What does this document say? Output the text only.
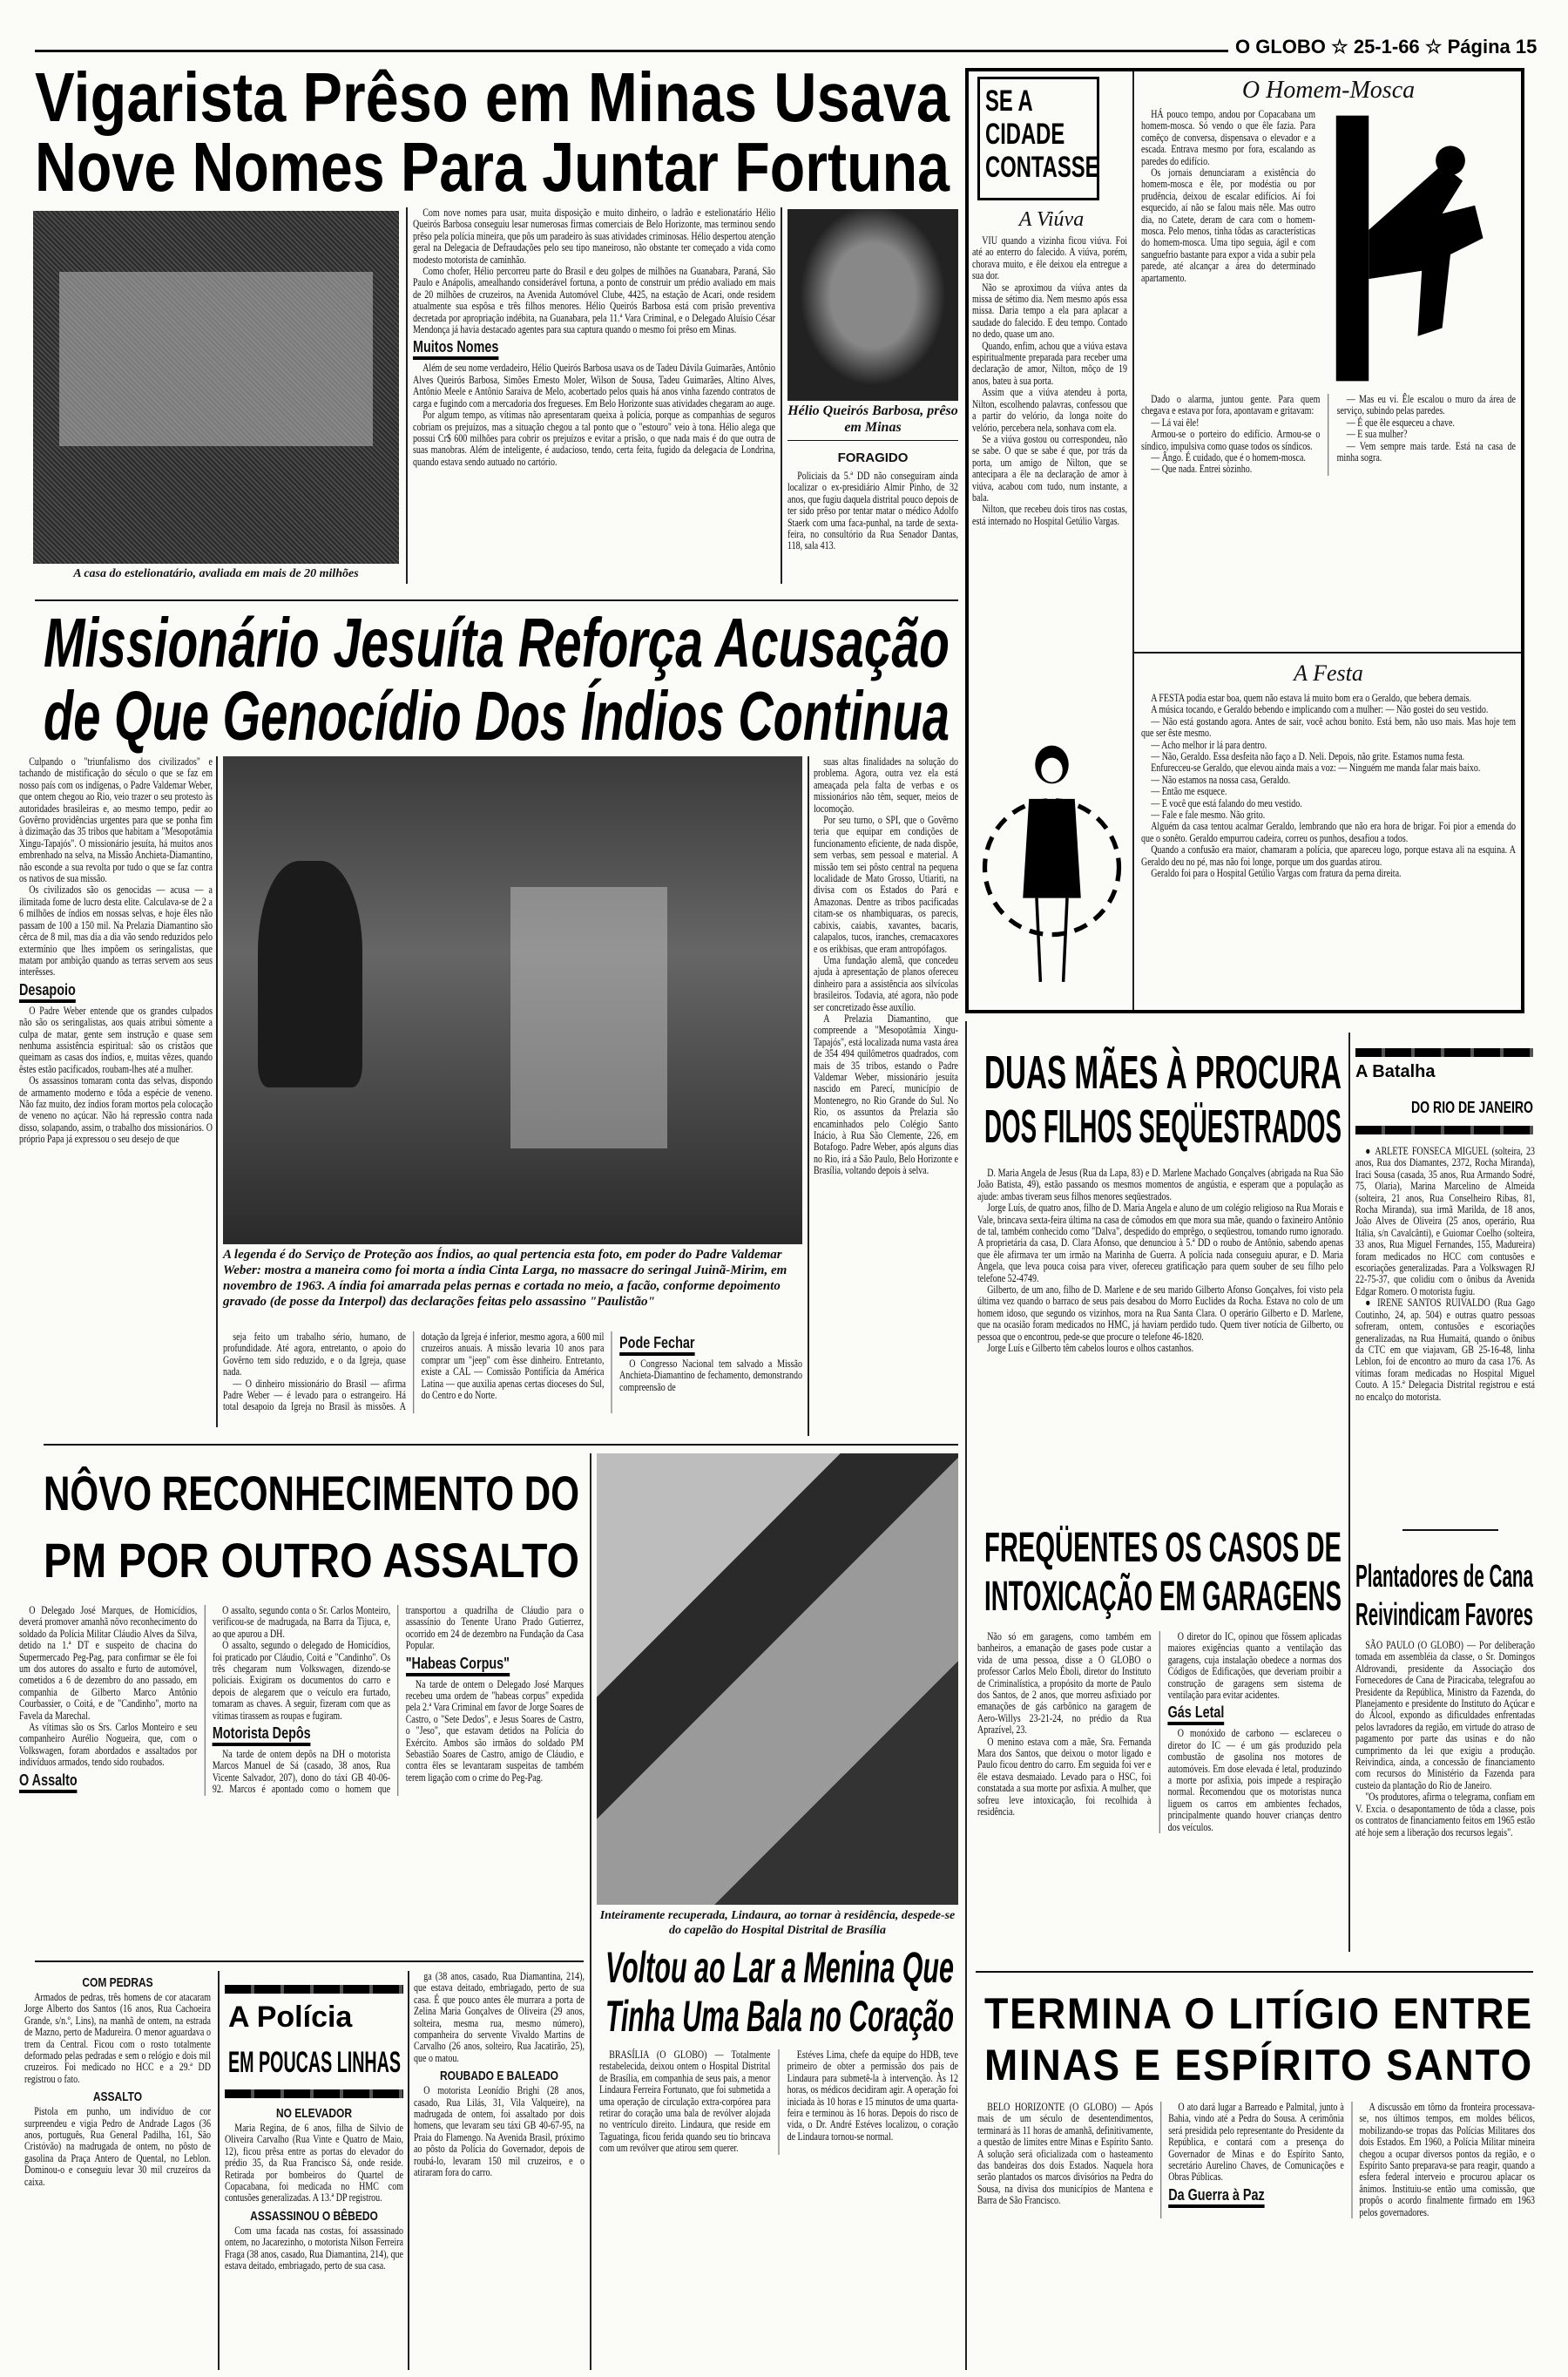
O GLOBO ☆ 25-1-66 ☆ Página 15
Vigarista Prêso em Minas Usava
Nove Nomes Para Juntar Fortuna
A casa do estelionatário, avaliada em mais de 20 milhões

Com nove nomes para usar, muita disposição e muito dinheiro, o ladrão e estelionatário Hélio Queirós Barbosa conseguiu lesar numerosas firmas comerciais de Belo Horizonte, mas terminou sendo prêso pela polícia mineira, que pôs um paradeiro às suas atividades criminosas. Hélio despertou atenção geral na Delegacia de Defraudações pelo seu tipo maneiroso, não obstante ter começado a vida como modesto motorista de caminhão.

Como chofer, Hélio percorreu parte do Brasil e deu golpes de milhões na Guanabara, Paraná, São Paulo e Anápolis, amealhando considerável fortuna, a ponto de construir um prédio avaliado em mais de 20 milhões de cruzeiros, na Avenida Automóvel Clube, 4425, na estação de Acari, onde residem atualmente sua espôsa e três filhos menores. Hélio Queirós Barbosa está com prisão preventiva decretada por apropriação indébita, na Guanabara, pela 11.ª Vara Criminal, e o Delegado Aluísio César Mendonça já havia destacado agentes para sua captura quando o mesmo foi prêso em Minas.

Muitos Nomes

Além de seu nome verdadeiro, Hélio Queirós Barbosa usava os de Tadeu Dávila Guimarães, Antônio Alves Queirós Barbosa, Simões Ernesto Moler, Wilson de Sousa, Tadeu Guimarães, Altino Alves, Antônio Meele e Antônio Saraiva de Melo, acobertado pelos quais há anos vinha fazendo contratos de carga e fugindo com a mercadoria dos fregueses. Em Belo Horizonte suas atividades chegaram ao auge.

Por algum tempo, as vítimas não apresentaram queixa à polícia, porque as companhias de seguros cobriam os prejuízos, mas a situação chegou a tal ponto que o "estouro" veio à tona. Hélio alega que possui Cr$ 600 milhões para cobrir os prejuízos e evitar a prisão, o que nada mais é do que outra de suas manobras. Além de inteligente, é audacioso, tendo, certa feita, fugido da delegacia de Londrina, quando estava sendo autuado no cartório.

Hélio Queirós Barbosa, prêso em Minas
FORAGIDO

Policiais da 5.ª DD não conseguiram ainda localizar o ex-presidiário Almir Pinho, de 32 anos, que fugiu daquela distrital pouco depois de ter sido prêso por tentar matar o médico Adolfo Staerk com uma faca-punhal, na tarde de sexta-feira, no consultório da Rua Senador Dantas, 118, sala 413.

SE A CIDADE CONTASSE
O Homem-Mosca

HÁ pouco tempo, andou por Copacabana um homem-mosca. Só vendo o que êle fazia. Para comêço de conversa, dispensava o elevador e a escada. Entrava mesmo por fora, escalando as paredes do edifício.

Os jornais denunciaram a existência do homem-mosca e êle, por modéstia ou por prudência, deixou de escalar edifícios. Aí foi esquecido, aí não se falou mais nêle. Mas outro dia, no Catete, deram de cara com o homem-mosca. Pelo menos, tinha tôdas as características do homem-mosca. Uma tipo seguia, ágil e com sanguefrio bastante para expor a vida a subir pela parede, até alcançar a área do determinado apartamento.

Dado o alarma, juntou gente. Para quem chegava e estava por fora, apontavam e gritavam:

— Lá vai êle!

Armou-se o porteiro do edifício. Armou-se o síndico, impulsiva como quase todos os síndicos.

— Ângo. É cuidado, que é o homem-mosca.

— Que nada. Entrei sòzinho.

— Mas eu vi. Êle escalou o muro da área de serviço, subindo pelas paredes.

— É que êle esqueceu a chave.

— E sua mulher?

— Vem sempre mais tarde. Está na casa de minha sogra.

A Viúva

VIU quando a vizinha ficou viúva. Foi até ao enterro do falecido. A viúva, porém, chorava muito, e êle deixou ela entregue a sua dor.

Não se aproximou da viúva antes da missa de sétimo dia. Nem mesmo após essa missa. Daria tempo a ela para aplacar a saudade do falecido. E deu tempo. Contado no dedo, quase um ano.

Quando, enfim, achou que a viúva estava espiritualmente preparada para receber uma declaração de amor, Nilton, môço de 19 anos, bateu à sua porta.

Assim que a viúva atendeu à porta, Nilton, escolhendo palavras, confessou que a partir do velório, da longa noite do velório, percebera nela, sonhava com ela.

Se a viúva gostou ou correspondeu, não se sabe. O que se sabe é que, por trás da porta, um amigo de Nilton, que se antecipara a êle na declaração de amor à viúva, acabou com tudo, num instante, a bala.

Nilton, que recebeu dois tiros nas costas, está internado no Hospital Getúlio Vargas.

A Festa

A FESTA podia estar boa, quem não estava lá muito bom era o Geraldo, que bebera demais.

A música tocando, e Geraldo bebendo e implicando com a mulher: — Não gostei do seu vestido.

— Não está gostando agora. Antes de sair, você achou bonito. Está bem, não uso mais. Mas hoje tem que ser êste mesmo.

— Acho melhor ir lá para dentro.

— Não, Geraldo. Essa desfeita não faço a D. Neli. Depois, não grite. Estamos numa festa.

Enfurecceu-se Geraldo, que elevou ainda mais a voz: — Ninguém me manda falar mais baixo.

— Não estamos na nossa casa, Geraldo.

— Então me esquece.

— E você que está falando do meu vestido.

— Fale e fale mesmo. Não grito.

Alguém da casa tentou acalmar Geraldo, lembrando que não era hora de brigar. Foi pior a emenda do que o sonêto. Geraldo empurrou cadeira, correu os punhos, desafiou a todos.

Quando a confusão era maior, chamaram a polícia, que apareceu logo, porque estava ali na esquina. A Geraldo deu no pé, mas não foi longe, porque um dos guardas atirou.

Geraldo foi para o Hospital Getúlio Vargas com fratura da perna direita.

Missionário Jesuíta Reforça Acusação
de Que Genocídio Dos Índios Continua

Culpando o "triunfalismo dos civilizados" e tachando de mistificação do século o que se faz em nosso país com os indígenas, o Padre Valdemar Weber, que ontem chegou ao Rio, veio trazer o seu protesto às autoridades brasileiras e, ao mesmo tempo, pedir ao Govêrno providências urgentes para que se ponha fim à dizimação das 35 tribos que habitam a "Mesopotâmia Xingu-Tapajós". O missionário jesuíta, há muitos anos embrenhado na selva, na Missão Anchieta-Diamantino, não esconde a sua revolta por tudo o que se faz contra os nativos de sua missão.

Os civilizados são os genocidas — acusa — a ilimitada fome de lucro desta elite. Calculava-se de 2 a 6 milhões de índios em nossas selvas, e hoje êles não passam de 100 a 150 mil. Na Prelazia Diamantino são cêrca de 8 mil, mas dia a dia vão sendo reduzidos pelo extermínio que lhes impõem os seringalistas, que matam por ambição quando as terras servem aos seus interêsses.

Desapoio

O Padre Weber entende que os grandes culpados não são os seringalistas, aos quais atribui sòmente a culpa de matar, gente sem instrução e quase sem nenhuma assistência espiritual: são os cristãos que queimam as casas dos índios, e, muitas vêzes, quando êstes estão pacificados, roubam-lhes até a mulher.

Os assassinos tomaram conta das selvas, dispondo de armamento moderno e tôda a espécie de veneno. Não faz muito, dez índios foram mortos pela colocação de veneno no açúcar. Não há repressão contra nada disso, solapando, assim, o trabalho dos missionários. O próprio Papa já expressou o seu desejo de que

A legenda é do Serviço de Proteção aos Índios, ao qual pertencia esta foto, em poder do Padre Valdemar Weber: mostra a maneira como foi morta a índia Cinta Larga, no massacre do seringal Juinã-Mirim, em novembro de 1963. A índia foi amarrada pelas pernas e cortada no meio, a facão, conforme depoimento gravado (de posse da Interpol) das declarações feitas pelo assassino "Paulistão"

seja feito um trabalho sério, humano, de profundidade. Até agora, entretanto, o apoio do Govêrno tem sido reduzido, e o da Igreja, quase nada.

— O dinheiro missionário do Brasil — afirma Padre Weber — é levado para o estrangeiro. Há total desapoio da Igreja no Brasil às missões. A dotação da Igreja é inferior, mesmo agora, a 600 mil cruzeiros anuais. A missão levaria 10 anos para comprar um "jeep" com êsse dinheiro. Entretanto, existe a CAL — Comissão Pontifícia da América Latina — que auxilia apenas certas dioceses do Sul, do Centro e do Norte.

Pode Fechar

O Congresso Nacional tem salvado a Missão Anchieta-Diamantino de fechamento, demonstrando compreensão de

suas altas finalidades na solução do problema. Agora, outra vez ela está ameaçada pela falta de verbas e os missionários não têm, sequer, meios de locomoção.

Por seu turno, o SPI, que o Govêrno teria que equipar em condições de funcionamento eficiente, de nada dispõe, sem verbas, sem pessoal e material. A missão tem sei pôsto central na pequena localidade de Mato Grosso, Utiariti, na divisa com os Estados do Pará e Amazonas. Dentre as tribos pacificadas citam-se os nhambiquaras, os parecis, cabixis, caiabis, xavantes, bacaris, calapalos, tucos, iranches, cremacaxores e os erikbisas, que eram antropófagos.

Uma fundação alemã, que concedeu ajuda à apresentação de planos ofereceu dinheiro para a assistência aos silvícolas brasileiros. Todavia, até agora, não pode ser concretizado êsse auxílio.

A Prelazia Diamantino, que compreende a "Mesopotâmia Xingu-Tapajós", está localizada numa vasta área de 354 494 quilômetros quadrados, com mais de 35 tribos, estando o Padre Valdemar Weber, missionário jesuíta nascido em Parecí, município de Montenegro, no Rio Grande do Sul. No Rio, os assuntos da Prelazia são encaminhados pelo Colégio Santo Inácio, à Rua São Clemente, 226, em Botafogo. Padre Weber, após alguns dias no Rio, irá a São Paulo, Belo Horizonte e Brasília, voltando depois à selva.

DUAS MÃES À PROCURA
DOS FILHOS SEQÜESTRADOS

D. Maria Angela de Jesus (Rua da Lapa, 83) e D. Marlene Machado Gonçalves (abrigada na Rua São João Batista, 49), estão passando os mesmos momentos de angústia, e esperam que a população as ajude: ambas tiveram seus filhos menores seqüestrados.

Jorge Luís, de quatro anos, filho de D. Maria Angela e aluno de um colégio religioso na Rua Morais e Vale, brincava sexta-feira última na casa de cômodos em que mora sua mãe, quando o faxineiro Antônio de tal, também conhecido como "Dalva", despedido do emprêgo, o seqüestrou, tomando rumo ignorado. A proprietária da casa, D. Clara Afonso, que denunciou à 5.ª DD o roubo de Antônio, sabendo apenas que êle afirmava ter um irmão na Marinha de Guerra. A polícia nada conseguiu apurar, e D. Maria Angela, que leva pouca coisa para viver, ofereceu gratificação para quem souber de seu filho pelo telefone 52-4749.

Gilberto, de um ano, filho de D. Marlene e de seu marido Gilberto Afonso Gonçalves, foi visto pela última vez quando o barraco de seus pais desabou do Morro Euclides da Rocha. Estava no colo de um homem idoso, que segundo os vizinhos, mora na Rua Santa Clara. O operário Gilberto e D. Marlene, que na ocasião foram medicados no HMC, já haviam perdido tudo. Quem tiver notícia de Gilberto, ou pessoa que o encontrou, pede-se que procure o telefone 46-1820.

Jorge Luís e Gilberto têm cabelos louros e olhos castanhos.

A Batalha
DO RIO DE JANEIRO

● ARLETE FONSECA MIGUEL (solteira, 23 anos, Rua dos Diamantes, 2372, Rocha Miranda), Iraci Sousa (casada, 35 anos, Rua Armando Sodré, 75, Olaria), Marina Marcelino de Almeida (solteira, 21 anos, Rua Conselheiro Ribas, 81, Rocha Miranda), sua irmã Marilda, de 18 anos, João Alves de Oliveira (25 anos, operário, Rua Itália, s/n Cavalcânti), e Guiomar Coelho (solteira, 33 anos, Rua Miguel Fernandes, 155, Madureira) foram medicados no HCC com contusões e escoriações generalizadas. Para a Volkswagen RJ 22-75-37, que colidiu com o ônibus da Avenida Edgar Romero. O motorista fugiu.

● IRENE SANTOS RUIVALDO (Rua Gago Coutinho, 24, ap. 504) e outras quatro pessoas sofreram, ontem, contusões e escoriações generalizadas, na Rua Humaitá, quando o ônibus da CTC em que viajavam, GB 25-16-48, linha Leblon, foi de encontro ao muro da casa 176. As vítimas foram medicadas no Hospital Miguel Couto. A 15.ª Delegacia Distrital registrou e está no encalço do motorista.

Plantadores de Cana
Reivindicam Favores

SÃO PAULO (O GLOBO) — Por deliberação tomada em assembléia da classe, o Sr. Domingos Aldrovandi, presidente da Associação dos Fornecedores de Cana de Piracicaba, telegrafou ao Presidente da República, Ministro da Fazenda, do Planejamento e presidente do Instituto do Açúcar e do Álcool, expondo as dificuldades enfrentadas pelos lavradores da região, em virtude do atraso de pagamento por parte das usinas e do não cumprimento da lei que exigiu a produção. Reivindica, ainda, a concessão de financiamento com recursos do Ministério da Fazenda para custeio da plantação do Rio de Janeiro.

"Os produtores, afirma o telegrama, confiam em V. Excia. o desapontamento de tôda a classe, pois os contratos de financiamento feitos em 1965 estão até hoje sem a liberação dos recursos legais".

NÔVO RECONHECIMENTO DO
PM POR OUTRO ASSALTO

O Delegado José Marques, de Homicídios, deverá promover amanhã nôvo reconhecimento do soldado da Polícia Militar Cláudio Alves da Silva, detido na 1.ª DT e suspeito de chacina do Supermercado Peg-Pag, para confirmar se êle foi um dos autores do assalto e furto de automóvel, cometidos a 6 de dezembro do ano passado, em companhia de Gilberto Marco Antônio Courbassier, o Coitá, e de "Candinho", morto na Favela da Marechal.

As vítimas são os Srs. Carlos Monteiro e seu companheiro Aurélio Nogueira, que, com o Volkswagen, foram abordados e assaltados por indivíduos armados, tendo sido roubados.

O Assalto

O assalto, segundo conta o Sr. Carlos Monteiro, verificou-se de madrugada, na Barra da Tijuca, e, ao que apurou a DH.

O assalto, segundo o delegado de Homicídios, foi praticado por Cláudio, Coitá e "Candinho". Os três chegaram num Volkswagen, dizendo-se policiais. Exigiram os documentos do carro e depois de alegarem que o veículo era furtado, tomaram as chaves. A seguir, fizeram com que as vítimas tirassem as roupas e fugiram.

Motorista Depôs

Na tarde de ontem depôs na DH o motorista Marcos Manuel de Sá (casado, 38 anos, Rua Vicente Salvador, 207), dono do táxi GB 40-06-92. Marcos é apontado como o homem que transportou a quadrilha de Cláudio para o assassínio do Tenente Urano Prado Gutierrez, ocorrido em 24 de dezembro na Fundação da Casa Popular.

"Habeas Corpus"

Na tarde de ontem o Delegado José Marques recebeu uma ordem de "habeas corpus" expedida pela 2.ª Vara Criminal em favor de Jorge Soares de Castro, o "Sete Dedos", e Jesus Soares de Castro, o "Jeso", que estavam detidos na Polícia do Exército. Ambos são irmãos do soldado PM Sebastião Soares de Castro, amigo de Cláudio, e contra êles se levantaram suspeitas de também terem ligação com o crime do Peg-Pag.

Inteiramente recuperada, Lindaura, ao tornar à residência, despede-se do capelão do Hospital Distrital de Brasília
Voltou ao Lar a Menina Que
Tinha Uma Bala no Coração

BRASÍLIA (O GLOBO) — Totalmente restabelecida, deixou ontem o Hospital Distrital de Brasília, em companhia de seus pais, a menor Lindaura Ferreira Fortunato, que foi submetida a uma operação de circulação extra-corpórea para retirar do coração uma bala de revólver alojada no ventrículo direito. Lindaura, que reside em Taguatinga, ficou ferida quando seu tio brincava com um revólver que atirou sem querer.

Estéves Lima, chefe da equipe do HDB, teve primeiro de obter a permissão dos pais de Lindaura para submetê-la à intervenção. Às 12 horas, os médicos decidiram agir. A operação foi iniciada às 10 horas e 15 minutos de uma quarta-feira e terminou às 16 horas. Depois do risco de vida, o Dr. André Estéves localizou, o coração de Lindaura tornou-se normal.

COM PEDRAS

Armados de pedras, três homens de cor atacaram Jorge Alberto dos Santos (16 anos, Rua Cachoeira Grande, s/n.º, Lins), na manhã de ontem, na estrada de Mazno, perto de Madureira. O menor aguardava o trem da Central. Ficou com o rosto totalmente deformado pelas pedradas e sem o relógio e dois mil cruzeiros. Foi medicado no HCC e a 29.ª DD registrou o fato.

ASSALTO

Pistola em punho, um indivíduo de cor surpreendeu e vigia Pedro de Andrade Lagos (36 anos, português, Rua General Padilha, 161, São Cristóvão) na madrugada de ontem, no pôsto de gasolina da Praça Antero de Quental, no Leblon. Dominou-o e conseguiu levar 30 mil cruzeiros da caixa.

A Polícia
EM POUCAS LINHAS
NO ELEVADOR

Maria Regina, de 6 anos, filha de Silvio de Oliveira Carvalho (Rua Vinte e Quatro de Maio, 12), ficou prêsa entre as portas do elevador do prédio 35, da Rua Francisco Sá, onde reside. Retirada por bombeiros do Quartel de Copacabana, foi medicada no HMC com contusões generalizadas. A 13.ª DP registrou.

ASSASSINOU O BÊBEDO

Com uma facada nas costas, foi assassinado ontem, no Jacarezinho, o motorista Nilson Ferreira Fraga (38 anos, casado, Rua Diamantina, 214), que estava deitado, embriagado, perto de sua casa.

ga (38 anos, casado, Rua Diamantina, 214), que estava deitado, embriagado, perto de sua casa. É que pouco antes êle murrara a porta de Zelina Maria Gonçalves de Oliveira (29 anos, solteira, mesma rua, mesmo número), companheira do servente Vivaldo Martins de Carvalho (26 anos, solteiro, Rua Jacatirão, 25), que o matou.

ROUBADO E BALEADO

O motorista Leonídio Brighi (28 anos, casado, Rua Lilás, 31, Vila Valqueire), na madrugada de ontem, foi assaltado por dois homens, que levaram seu táxi GB 40-67-95, na Praia do Flamengo. Na Avenida Brasil, próximo ao pôsto da Polícia do Governador, depois de roubá-lo, levaram 150 mil cruzeiros, e o atiraram fora do carro.

FREQÜENTES OS CASOS DE
INTOXICAÇÃO EM GARAGENS

Não só em garagens, como também em banheiros, a emanação de gases pode custar a vida de uma pessoa, disse a O GLOBO o professor Carlos Melo Éboli, diretor do Instituto de Criminalística, a propósito da morte de Paulo dos Santos, de 2 anos, que morreu asfixiado por emanações de gás carbônico na garagem de Aero-Willys 23-21-24, no prédio da Rua Aprazível, 23.

O menino estava com a mãe, Sra. Fernanda Mara dos Santos, que deixou o motor ligado e Paulo ficou dentro do carro. Em seguida foi ver e êle estava desmaiado. Levado para o HSC, foi constatada a sua morte por asfixia. A mulher, que sofreu leve intoxicação, foi recolhida à residência.

O diretor do IC, opinou que fôssem aplicadas maiores exigências quanto a ventilação das garagens, cuja instalação obedece a normas dos Códigos de Edificações, que deveriam proibir a construção de garagens sem sistema de ventilação para evitar acidentes.

Gás Letal

O monóxido de carbono — esclareceu o diretor do IC — é um gás produzido pela combustão de gasolina nos motores de automóveis. Em dose elevada é letal, produzindo a morte por asfixia, pois impede a respiração normal. Recomendou que os motoristas nunca liguem os carros em ambientes fechados, principalmente quando houver crianças dentro dos veículos.

TERMINA O LITÍGIO ENTRE
MINAS E ESPÍRITO SANTO

BELO HORIZONTE (O GLOBO) — Após mais de um século de desentendimentos, terminará às 11 horas de amanhã, definitivamente, a questão de limites entre Minas e Espírito Santo. A solução será oficializada com o hasteamento das bandeiras dos dois Estados. Naquela hora serão plantados os marcos divisórios na Pedra do Sousa, na divisa dos municípios de Mantena e Barra de São Francisco.

O ato dará lugar a Barreado e Palmital, junto à Bahia, vindo até a Pedra do Sousa. A cerimônia será presidida pelo representante do Presidente da República, e contará com a presença do Governador de Minas e do Espírito Santo, secretário Aurelino Chaves, de Comunicações e Obras Públicas.

Da Guerra à Paz

A discussão em tôrno da fronteira processava-se, nos últimos tempos, em moldes bélicos, mobilizando-se tropas das Polícias Militares dos dois Estados. Em 1960, a Polícia Militar mineira chegou a ocupar diversos pontos da região, e o Espírito Santo preparava-se para reagir, quando a esfera federal interveio e procurou aplacar os ânimos. Instituiu-se então uma comissão, que propôs o acordo finalmente firmado em 1963 pelos governadores.
